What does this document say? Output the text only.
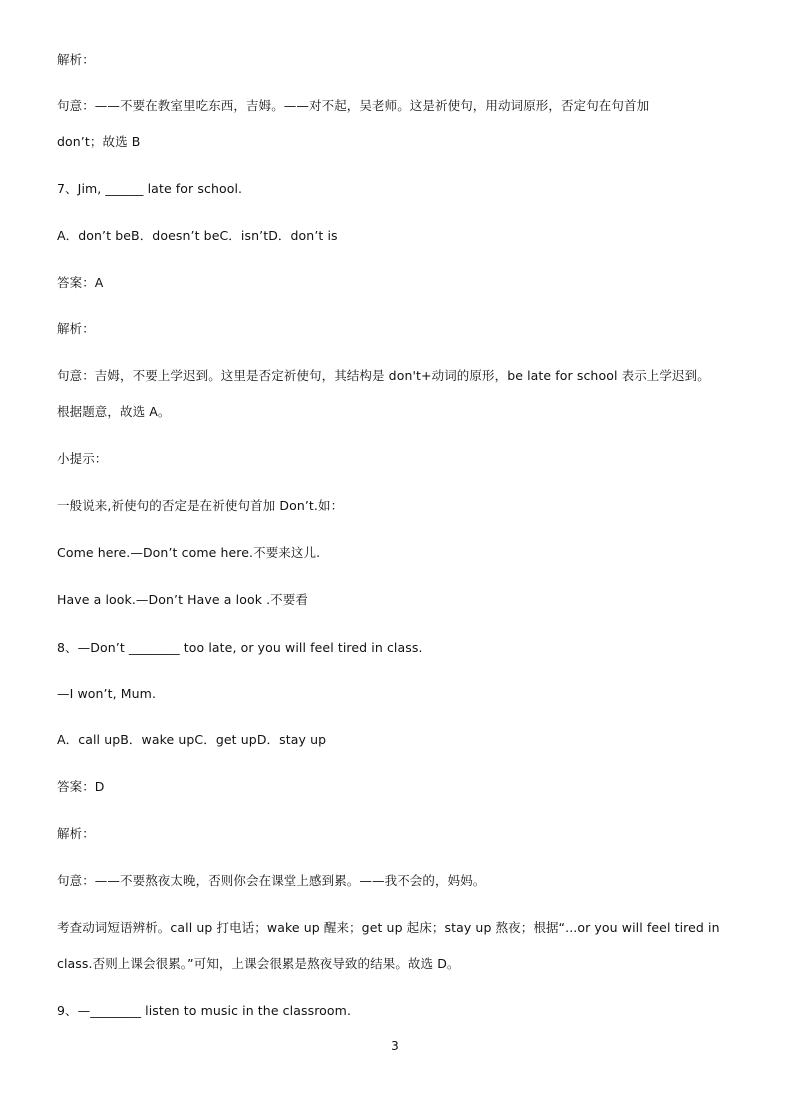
解析：
句意：——不要在教室里吃东西，吉姆。——对不起，吴老师。这是祈使句，用动词原形，否定句在句首加
don’t；故选 B
7、Jim, ______ late for school.
A．don’t beB．doesn’t beC．isn’tD．don’t is
答案：A
解析：
句意：吉姆，不要上学迟到。这里是否定祈使句，其结构是 don't+动词的原形，be late for school 表示上学迟到。
根据题意，故选 A。
小提示：
一般说来,祈使句的否定是在祈使句首加 Don’t.如：
Come here.—Don’t come here.不要来这儿.
Have a look.—Don’t Have a look .不要看
8、—Don’t ________ too late, or you will feel tired in class.
—I won’t, Mum.
A．call upB．wake upC．get upD．stay up
答案：D
解析：
句意：——不要熬夜太晚，否则你会在课堂上感到累。——我不会的，妈妈。
考查动词短语辨析。call up 打电话；wake up 醒来；get up 起床；stay up 熬夜；根据“...or you will feel tired in
class.否则上课会很累。”可知，上课会很累是熬夜导致的结果。故选 D。
9、—________ listen to music in the classroom.
3
